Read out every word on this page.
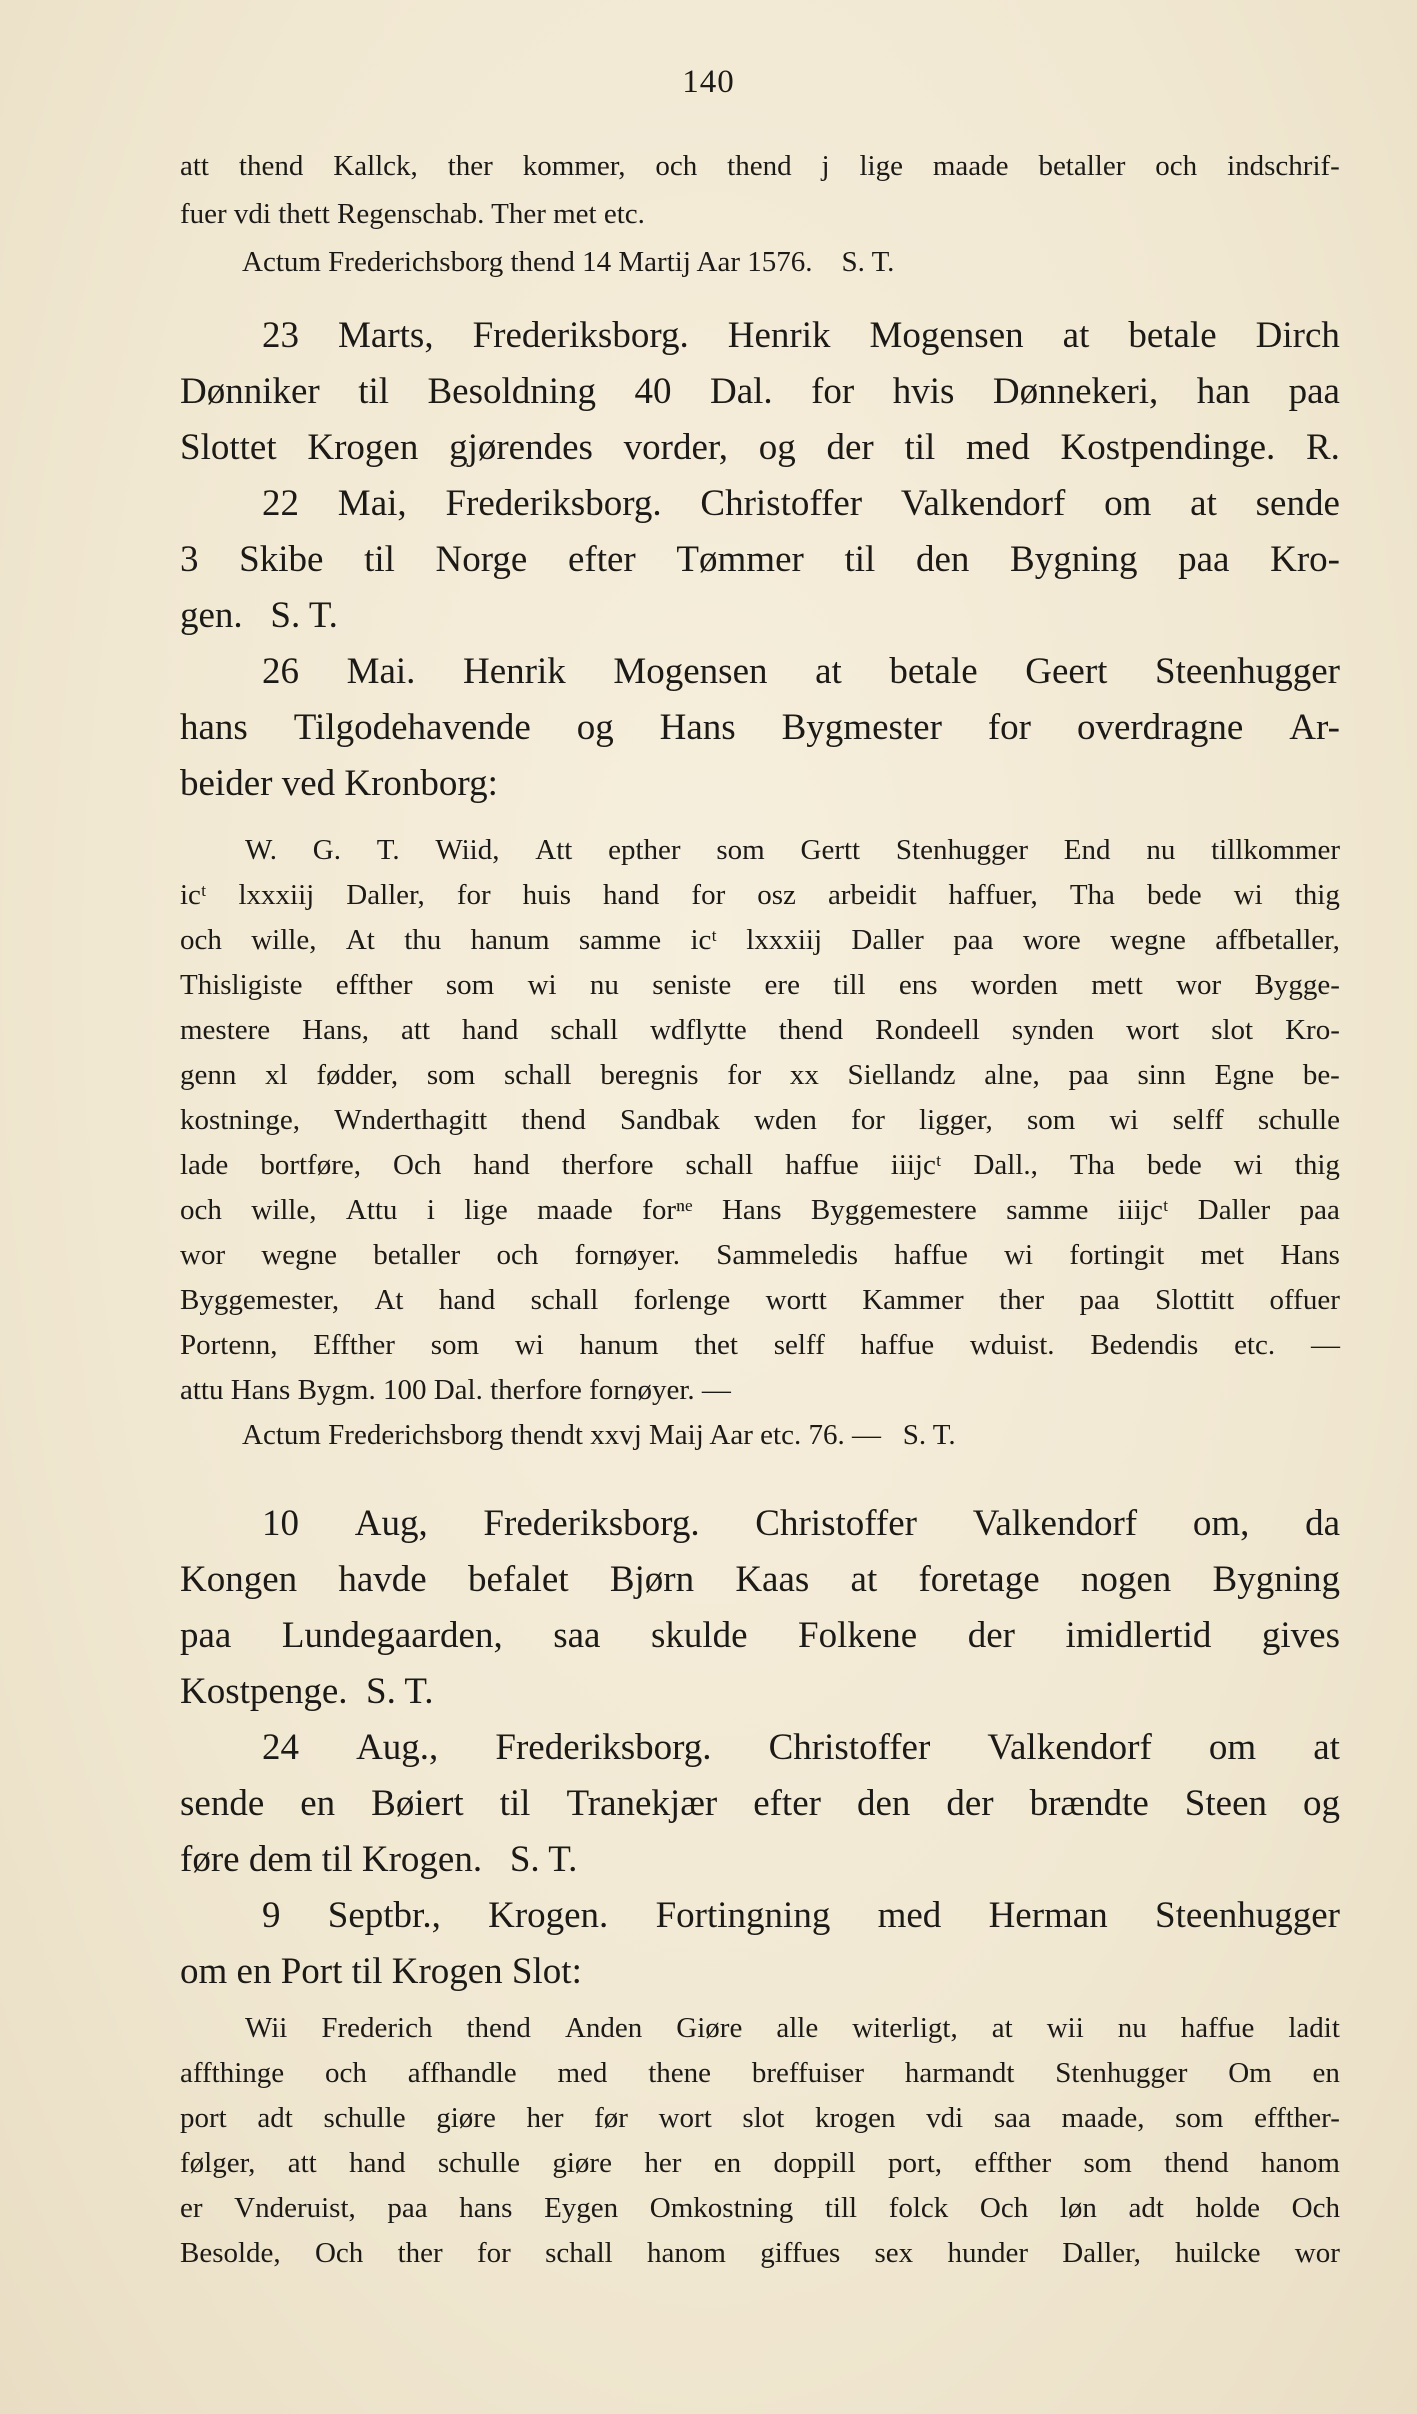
140
att thend Kallck, ther kommer, och thend j lige maade betaller och indschrif-
fuer vdi thett Regenschab. Ther met etc.
Actum Frederichsborg thend 14 Martij Aar 1576.    S. T.
23 Marts, Frederiksborg. Henrik Mogensen at betale Dirch
Dønniker til Besoldning 40 Dal. for hvis Dønnekeri, han paa
Slottet Krogen gjørendes vorder, og der til med Kostpendinge. R.
22 Mai, Frederiksborg. Christoffer Valkendorf om at sende
3 Skibe til Norge efter Tømmer til den Bygning paa Kro-
gen.   S. T.
26 Mai. Henrik Mogensen at betale Geert Steenhugger
hans Tilgodehavende og Hans Bygmester for overdragne Ar-
beider ved Kronborg:
W. G. T. Wiid, Att epther som Gertt Stenhugger End nu tillkommer
icᵗ lxxxiij Daller, for huis hand for osz arbeidit haffuer, Tha bede wi thig
och wille, At thu hanum samme icᵗ lxxxiij Daller paa wore wegne affbetaller,
Thisligiste effther som wi nu seniste ere till ens worden mett wor Bygge-
mestere Hans, att hand schall wdflytte thend Rondeell synden wort slot Kro-
genn xl fødder, som schall beregnis for xx Siellandz alne, paa sinn Egne be-
kostninge, Wnderthagitt thend Sandbak wden for ligger, som wi selff schulle
lade bortføre, Och hand therfore schall haffue iiijcᵗ Dall., Tha bede wi thig
och wille, Attu i lige maade forⁿᵉ Hans Byggemestere samme iiijcᵗ Daller paa
wor wegne betaller och fornøyer. Sammeledis haffue wi fortingit met Hans
Byggemester, At hand schall forlenge wortt Kammer ther paa Slottitt offuer
Portenn, Effther som wi hanum thet selff haffue wduist. Bedendis etc. —
attu Hans Bygm. 100 Dal. therfore fornøyer. —
Actum Frederichsborg thendt xxvj Maij Aar etc. 76. —   S. T.
10 Aug, Frederiksborg. Christoffer Valkendorf om, da
Kongen havde befalet Bjørn Kaas at foretage nogen Bygning
paa Lundegaarden, saa skulde Folkene der imidlertid gives
Kostpenge.  S. T.
24 Aug., Frederiksborg. Christoffer Valkendorf om at
sende en Bøiert til Tranekjær efter den der brændte Steen og
føre dem til Krogen.   S. T.
9 Septbr., Krogen. Fortingning med Herman Steenhugger
om en Port til Krogen Slot:
Wii Frederich thend Anden Giøre alle witerligt, at wii nu haffue ladit
affthinge och affhandle med thene breffuiser harmandt Stenhugger Om en
port adt schulle giøre her før wort slot krogen vdi saa maade, som effther-
følger, att hand schulle giøre her en doppill port, effther som thend hanom
er Vnderuist, paa hans Eygen Omkostning till folck Och løn adt holde Och
Besolde, Och ther for schall hanom giffues sex hunder Daller, huilcke wor
